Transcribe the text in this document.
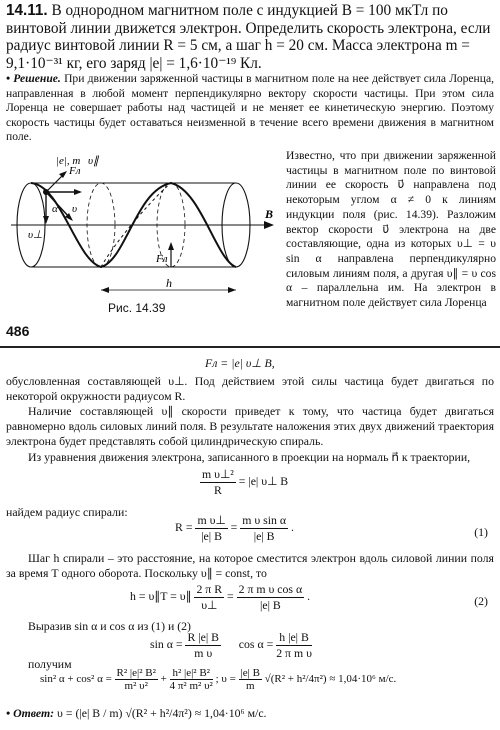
14.11. В однородном магнитном поле с индукцией B = 100 мкТл по винтовой линии движется электрон. Определить скорость электрона, если радиус винтовой линии R = 5 см, а шаг h = 20 см. Масса электрона m = 9,1·10⁻³¹ кг, его заряд |e| = 1,6·10⁻¹⁹ Кл.

• Решение. При движении заряженной частицы в магнитном поле на нее действует сила Лоренца, направленная в любой момент перпендикулярно вектору скорости частицы. При этом сила Лоренца не совершает работы над частицей и не меняет ее кинетическую энергию. Поэтому скорость частицы будет оставаться неизменной в течение всего времени движения в магнитном поле.

|e|, m υ∥
υ
Fл
α
υ⊥
Fл
B
h

Известно, что при движении заряженной частицы в магнитном поле по винтовой линии ее скорость υ⃗ направлена под некоторым углом α ≠ 0 к линиям индукции поля (рис. 14.39). Разложим вектор скорости υ⃗ электрона на две составляющие, одна из которых υ⊥ = υ sin α направлена перпендикулярно силовым линиям поля, а другая υ∥ = υ cos α – параллельна им. На электрон в магнитном поле действует сила Лоренца

Рис. 14.39

486

Fл = |e| υ⊥ B,

обусловленная составляющей υ⊥. Под действием этой силы частица будет двигаться по некоторой окружности радиусом R.

Наличие составляющей υ∥ скорости приведет к тому, что частица будет двигаться равномерно вдоль силовых линий поля. В результате наложения этих двух движений траектория электрона будет представлять собой цилиндрическую спираль.

Из уравнения движения электрона, записанного в проекции на нормаль n⃗ к траектории,

$\frac{\text{m υ⊥²}}{R} = |e|$ υ⊥ B

найдем радиус спирали:

$R = \frac{\text{m υ⊥}}{|e| B} = \frac{\text{m υ sin α}}{|e| B}$ .	(1)

Шаг h спирали – это расстояние, на которое сместится электрон вдоль силовой линии поля за время T одного оборота. Поскольку υ∥ = const, то

h = υ∥T = υ∥ $\frac{\text{2 π R}}{\upsilon\perp} = \frac{\text{2 π m υ cos α}}{|e| B}$ .	(2)

Выразив sin α и cos α из (1) и (2)

$\sin \alpha = \frac{R |e| B}{\text{m υ}}$ $\cos \alpha = \frac{h |e| B}{\text{2 π m υ}}$

получим

sin² α + cos² $\alpha = \frac{\text{R² |e|² B²}}{\text{m² υ²}} + \frac{\text{h² |e|² B²}}{\text{4 π² m² υ²}}$ ; $\upsilon = \frac{|e| B}{m} √(R^2 + h^2/4\pi^2) \approx 1,04\cdot 10^6$ м/с.

• Ответ: υ = (|e| B / m) √(R² + h²/4π²) ≈ 1,04·10⁶ м/с.
